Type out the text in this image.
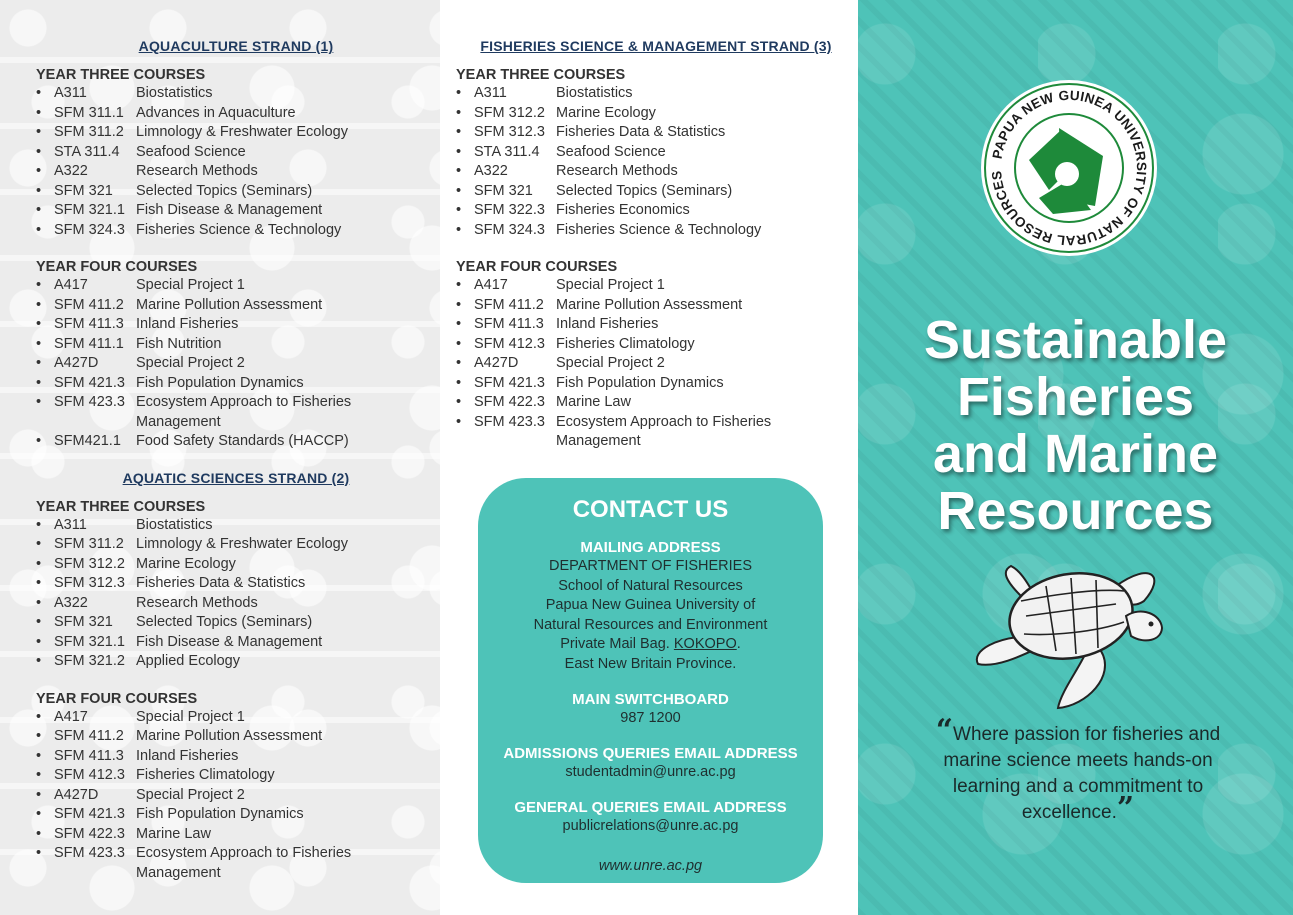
AQUACULTURE STRAND (1)
YEAR THREE COURSES
• A311	Biostatistics
• SFM 311.1 Advances in Aquaculture
• SFM 311.2 Limnology & Freshwater Ecology
• STA 311.4	Seafood Science
• A322	Research Methods
• SFM 321	Selected Topics (Seminars)
• SFM 321.1 Fish Disease & Management
• SFM 324.3 Fisheries Science & Technology
YEAR FOUR COURSES
• A417	Special Project 1
• SFM 411.2 Marine Pollution Assessment
• SFM 411.3 Inland Fisheries
• SFM 411.1 Fish Nutrition
• A427D	Special Project 2
• SFM 421.3 Fish Population Dynamics
• SFM 423.3 Ecosystem Approach to Fisheries Management
• SFM421.1	Food Safety Standards (HACCP)
AQUATIC SCIENCES STRAND (2)
YEAR THREE COURSES
• A311	Biostatistics
• SFM 311.2 Limnology & Freshwater Ecology
• SFM 312.2 Marine Ecology
• SFM 312.3 Fisheries Data & Statistics
• A322	Research Methods
• SFM 321	Selected Topics (Seminars)
• SFM 321.1 Fish Disease & Management
• SFM 321.2 Applied Ecology
YEAR FOUR COURSES
• A417	Special Project 1
• SFM 411.2 Marine Pollution Assessment
• SFM 411.3 Inland Fisheries
• SFM 412.3 Fisheries Climatology
• A427D	Special Project 2
• SFM 421.3 Fish Population Dynamics
• SFM 422.3 Marine Law
• SFM 423.3 Ecosystem Approach to Fisheries Management
FISHERIES SCIENCE & MANAGEMENT STRAND (3)
YEAR THREE COURSES
• A311	Biostatistics
• SFM 312.2 Marine Ecology
• SFM 312.3 Fisheries Data & Statistics
• STA 311.4	Seafood Science
• A322	Research Methods
• SFM 321	Selected Topics (Seminars)
• SFM 322.3 Fisheries Economics
• SFM 324.3 Fisheries Science & Technology
YEAR FOUR COURSES
• A417	Special Project 1
• SFM 411.2 Marine Pollution Assessment
• SFM 411.3 Inland Fisheries
• SFM 412.3 Fisheries Climatology
• A427D	Special Project 2
• SFM 421.3 Fish Population Dynamics
• SFM 422.3 Marine Law
• SFM 423.3 Ecosystem Approach to Fisheries Management
CONTACT US
MAILING ADDRESS
DEPARTMENT OF FISHERIES
School of Natural Resources
Papua New Guinea University of
Natural Resources and Environment
Private Mail Bag. KOKOPO.
East New Britain Province.
MAIN SWITCHBOARD
987 1200
ADMISSIONS QUERIES EMAIL ADDRESS
studentadmin@unre.ac.pg
GENERAL QUERIES EMAIL ADDRESS
publicrelations@unre.ac.pg
www.unre.ac.pg
PAPUA NEW GUINEA UNIVERSITY OF NATURAL RESOURCES
Sustainable
Fisheries
and Marine
Resources
“Where passion for fisheries and marine science meets hands-on learning and a commitment to excellence.”
